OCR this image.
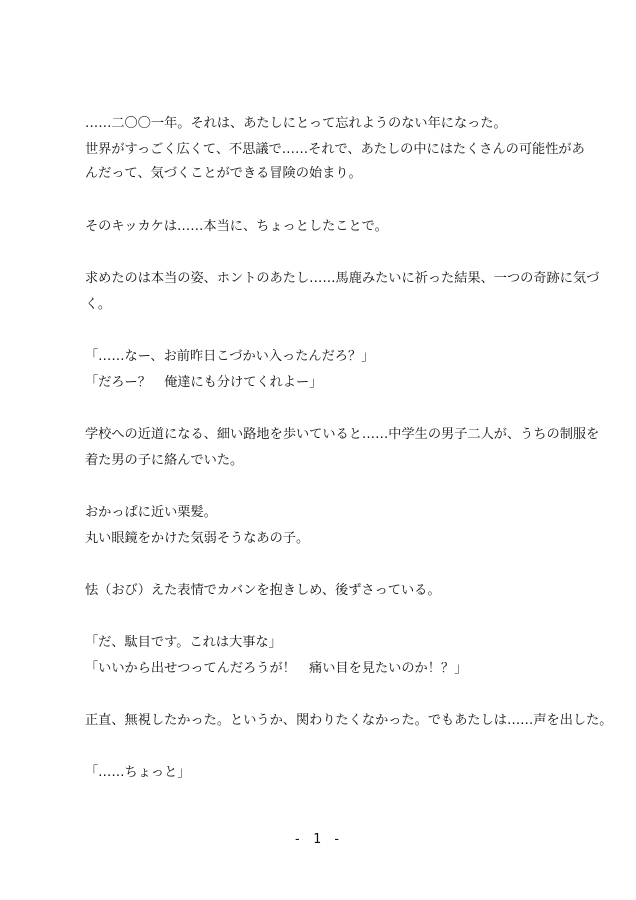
……二〇〇一年。それは、あたしにとって忘れようのない年になった。
世界がすっごく広くて、不思議で……それで、あたしの中にはたくさんの可能性があ
んだって、気づくことができる冒険の始まり。
そのキッカケは……本当に、ちょっとしたことで。
求めたのは本当の姿、ホントのあたし……馬鹿みたいに祈った結果、一つの奇跡に気づ
く。
「……なー、お前昨日こづかい入ったんだろ？」
「だろー？　俺達にも分けてくれよー」
学校への近道になる、細い路地を歩いていると……中学生の男子二人が、うちの制服を
着た男の子に絡んでいた。
おかっぱに近い栗髪。
丸い眼鏡をかけた気弱そうなあの子。
怯（おび）えた表情でカバンを抱きしめ、後ずさっている。
「だ、駄目です。これは大事な」
「いいから出せつってんだろうが！　痛い目を見たいのか！？」
正直、無視したかった。というか、関わりたくなかった。でもあたしは……声を出した。
「……ちょっと」
- 1 -
